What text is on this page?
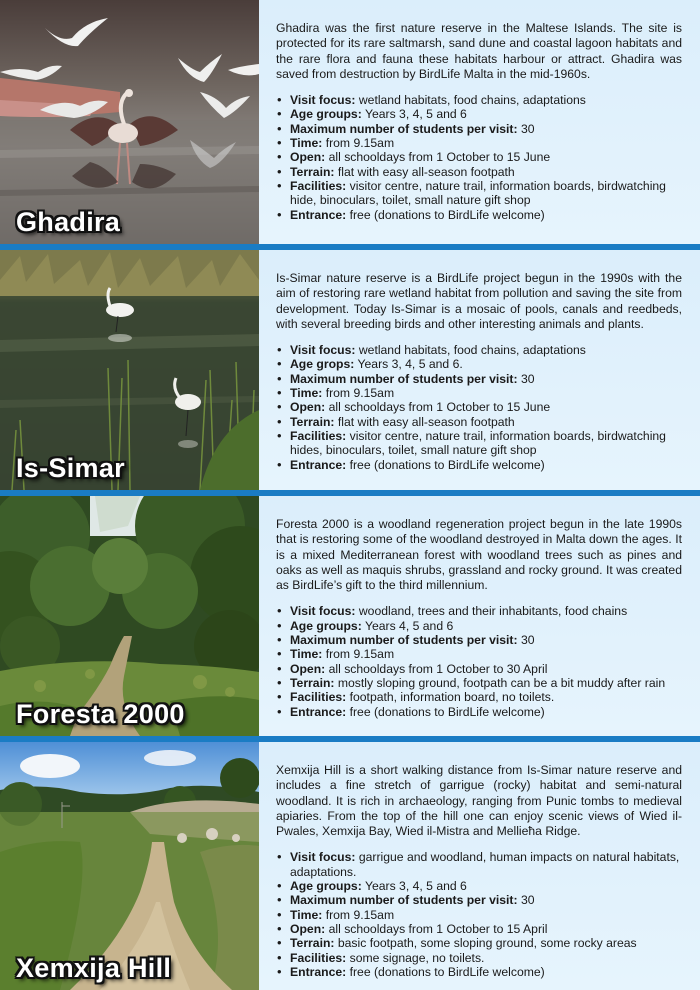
Ghadira

Ghadira was the first nature reserve in the Maltese Islands. The site is protected for its rare saltmarsh, sand dune and coastal lagoon habitats and the rare flora and fauna these habitats harbour or attract. Ghadira was saved from destruction by BirdLife Malta in the mid-1960s.

• Visit focus: wetland habitats, food chains, adaptations
• Age groups: Years 3, 4, 5 and 6
• Maximum number of students per visit: 30
• Time: from 9.15am
• Open: all schooldays from 1 October to 15 June
• Terrain: flat with easy all-season footpath
• Facilities: visitor centre, nature trail, information boards, birdwatching hide, binoculars, toilet, small nature gift shop
• Entrance: free (donations to BirdLife welcome)
Is-Simar

Is-Simar nature reserve is a BirdLife project begun in the 1990s with the aim of restoring rare wetland habitat from pollution and saving the site from development. Today Is-Simar is a mosaic of pools, canals and reedbeds, with several breeding birds and other interesting animals and plants.

• Visit focus: wetland habitats, food chains, adaptations
• Age grops: Years 3, 4, 5 and 6.
• Maximum number of students per visit: 30
• Time: from 9.15am
• Open: all schooldays from 1 October to 15 June
• Terrain: flat with easy all-season footpath
• Facilities: visitor centre, nature trail, information boards, birdwatching hides, binoculars, toilet, small nature gift shop
• Entrance: free (donations to BirdLife welcome)
Foresta 2000

Foresta 2000 is a woodland regeneration project begun in the late 1990s that is restoring some of the woodland destroyed in Malta down the ages. It is a mixed Mediterranean forest with woodland trees such as pines and oaks as well as maquis shrubs, grassland and rocky ground. It was created as BirdLife’s gift to the third millennium.

• Visit focus: woodland, trees and their inhabitants, food chains
• Age groups: Years 4, 5 and 6
• Maximum number of students per visit: 30
• Time: from 9.15am
• Open: all schooldays from 1 October to 30 April
• Terrain: mostly sloping ground, footpath can be a bit muddy after rain
• Facilities: footpath, information board, no toilets.
• Entrance: free (donations to BirdLife welcome)
Xemxija Hill

Xemxija Hill is a short walking distance from Is-Simar nature reserve and includes a fine stretch of garrigue (rocky) habitat and semi-natural woodland. It is rich in archaeology, ranging from Punic tombs to medieval apiaries. From the top of the hill one can enjoy scenic views of Wied il-Pwales, Xemxija Bay, Wied il-Mistra and Mellieħa Ridge.

• Visit focus: garrigue and woodland, human impacts on natural habitats, adaptations.
• Age groups: Years 3, 4, 5 and 6
• Maximum number of students per visit: 30
• Time: from 9.15am
• Open: all schooldays from 1 October to 15 April
• Terrain: basic footpath, some sloping ground, some rocky areas
• Facilities: some signage, no toilets.
• Entrance: free (donations to BirdLife welcome)
